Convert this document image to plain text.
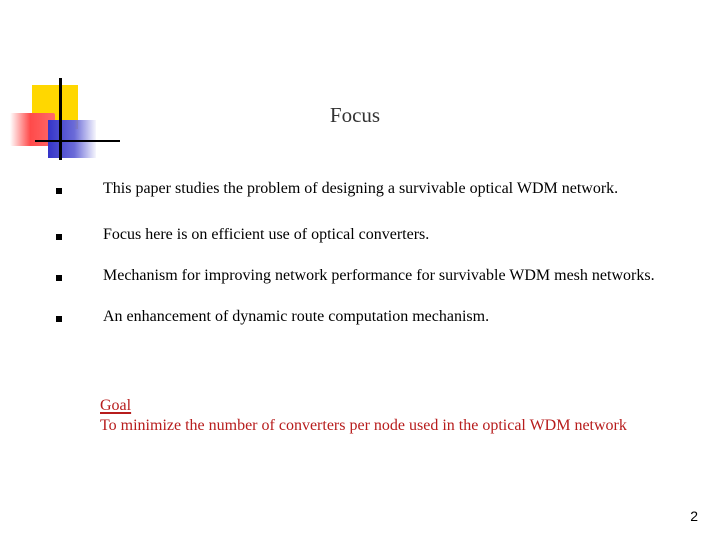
Focus
This paper studies the problem of designing a survivable optical WDM network.
Focus here is on efficient use of optical converters.
Mechanism for improving network performance for survivable WDM mesh networks.
An enhancement of dynamic route computation mechanism.
Goal
To minimize the number of converters per node used in the optical WDM network
2
